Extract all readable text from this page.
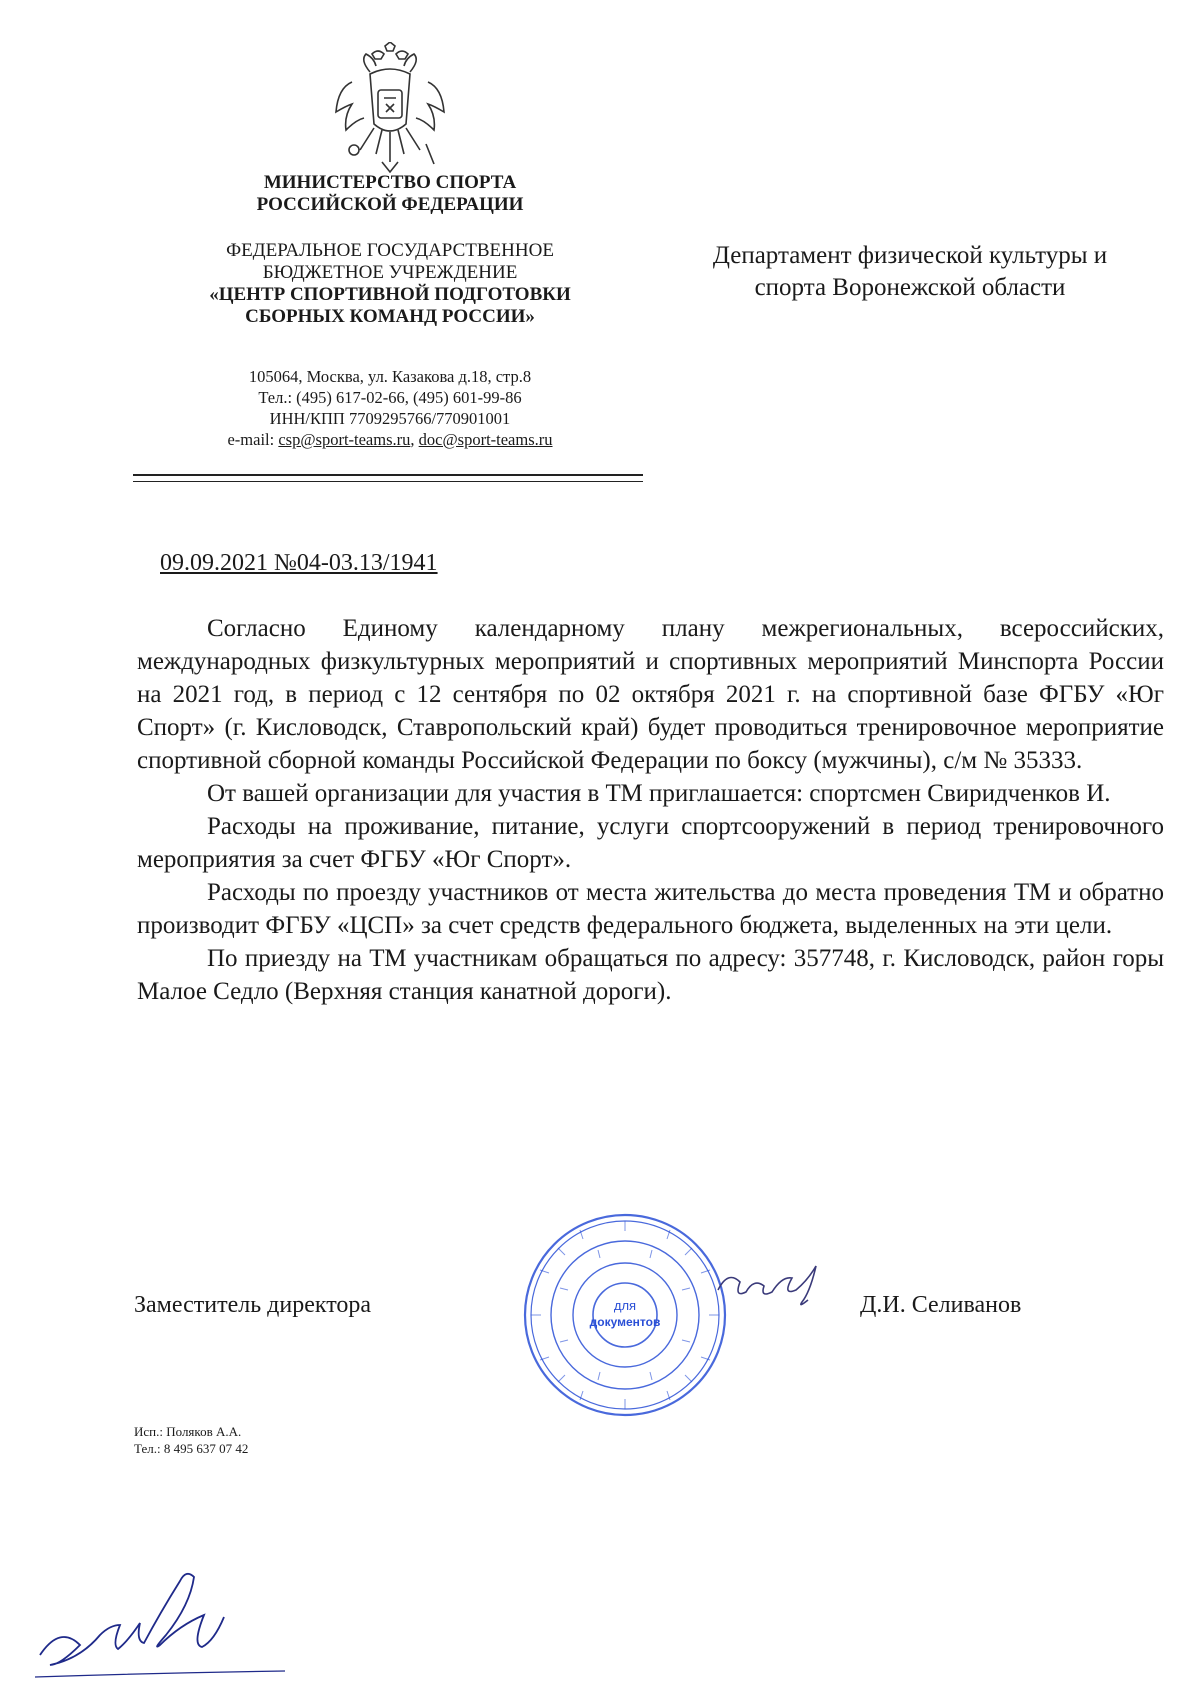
МИНИСТЕРСТВО СПОРТА
РОССИЙСКОЙ ФЕДЕРАЦИИ
ФЕДЕРАЛЬНОЕ ГОСУДАРСТВЕННОЕ
БЮДЖЕТНОЕ УЧРЕЖДЕНИЕ
«ЦЕНТР СПОРТИВНОЙ ПОДГОТОВКИ
СБОРНЫХ КОМАНД РОССИИ»
105064, Москва, ул. Казакова д.18, стр.8
Тел.: (495) 617-02-66, (495) 601-99-86
ИНН/КПП 7709295766/770901001
e-mail: csp@sport-teams.ru, doc@sport-teams.ru
Департамент физической культуры и
спорта Воронежской области
09.09.2021 №04-03.13/1941

Согласно Единому календарному плану межрегиональных, всероссийских, международных физкультурных мероприятий и спортивных мероприятий Минспорта России на 2021 год, в период с 12 сентября по 02 октября 2021 г. на спортивной базе ФГБУ «Юг Спорт» (г. Кисловодск, Ставропольский край) будет проводиться тренировочное мероприятие спортивной сборной команды Российской Федерации по боксу (мужчины), с/м № 35333.

От вашей организации для участия в ТМ приглашается: спортсмен Свиридченков И.

Расходы на проживание, питание, услуги спортсооружений в период тренировочного мероприятия за счет ФГБУ «Юг Спорт».

Расходы по проезду участников от места жительства до места проведения ТМ и обратно производит ФГБУ «ЦСП» за счет средств федерального бюджета, выделенных на эти цели.

По приезду на ТМ участникам обращаться по адресу: 357748, г. Кисловодск, район горы Малое Седло (Верхняя станция канатной дороги).

Заместитель директора	Д.И. Селиванов
для
документов
Исп.: Поляков А.А.
Тел.: 8 495 637 07 42
